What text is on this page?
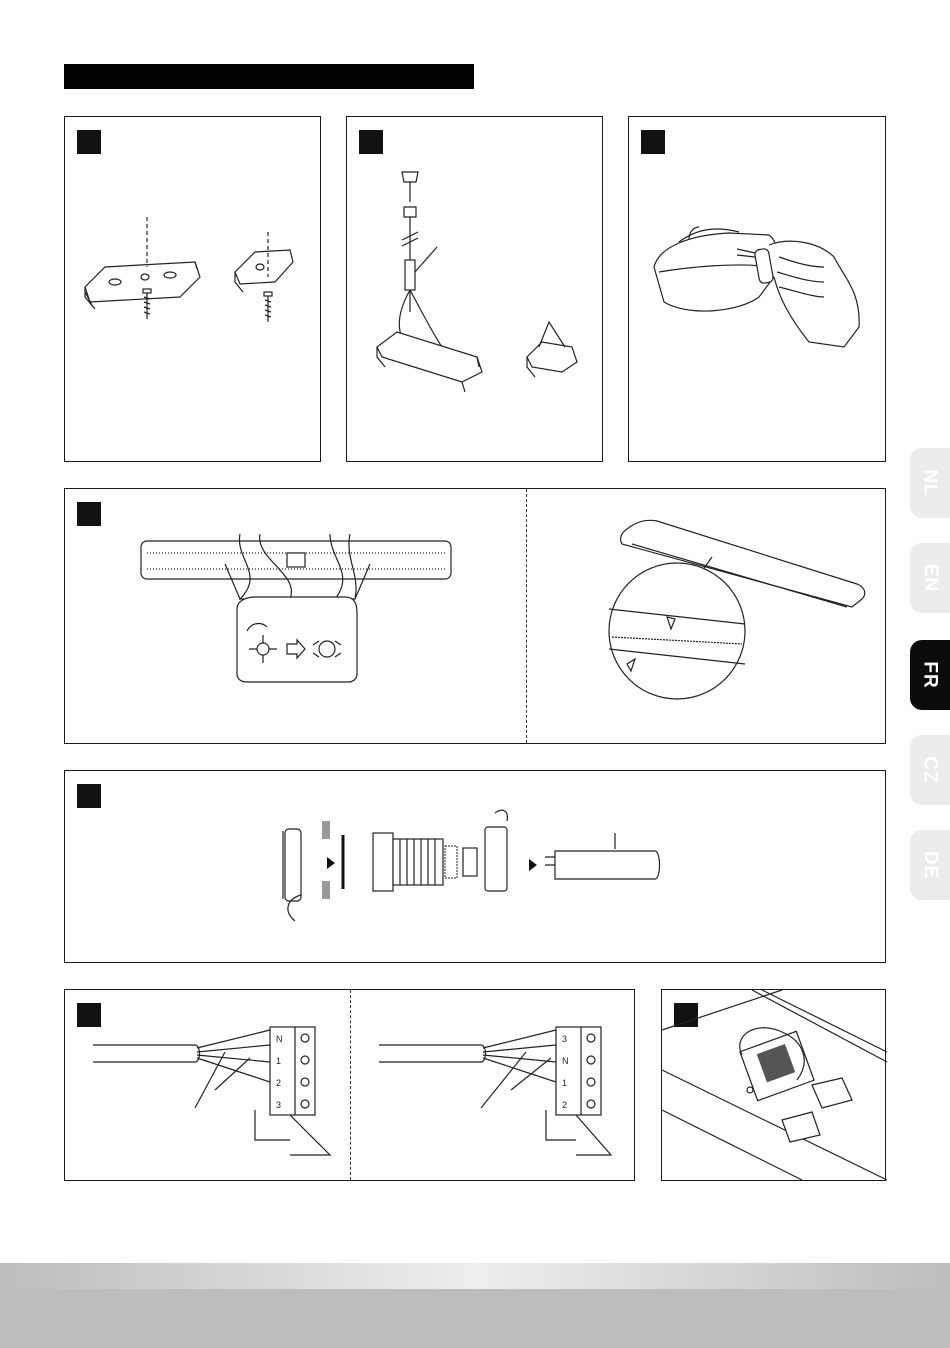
N
1
2
3
3
N
1
2
NL
EN
FR
CZ
DE
